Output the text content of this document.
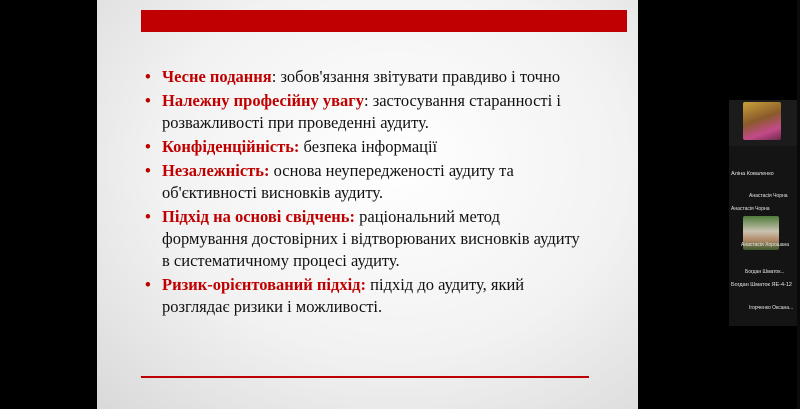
• Чесне подання: зобов'язання звітувати правдиво і точно
• Належну професійну увагу: застосування старанності і розважливості при проведенні аудиту.
• Конфіденційність: безпека інформації
• Незалежність: основа неупередженості аудиту та об'єктивності висновків аудиту.
• Підхід на основі свідчень: раціональний метод формування достовірних і відтворюваних висновків аудиту в систематичному процесі аудиту.
• Ризик-орієнтований підхід: підхід до аудиту, який розглядає ризики і можливості.
Аліна Коваленко
Анастасія Чорна
Анастасія Чорна
Анастасія Хорошана
Богдан Шматок...
Богдан Шматок ЯЕ-4-12
Ігорченко Оксана...
